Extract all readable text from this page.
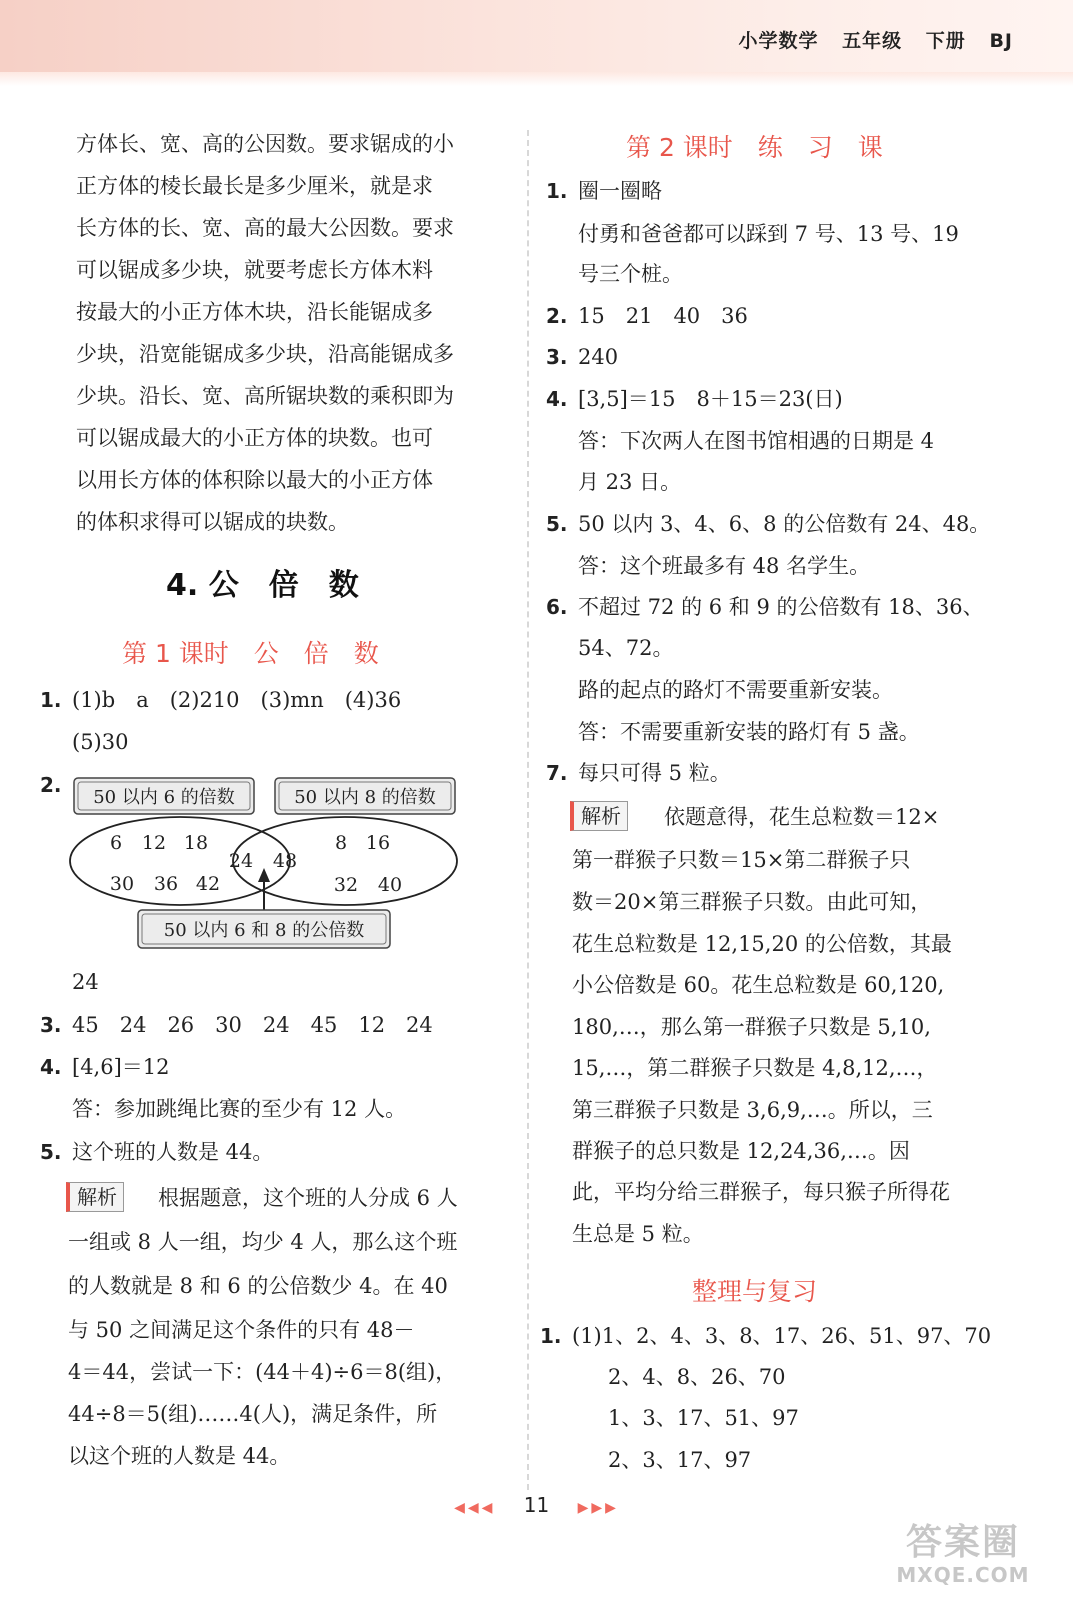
小学数学 五年级 下册 BJ
方体长、宽、高的公因数。要求锯成的小
正方体的棱长最长是多少厘米，就是求
长方体的长、宽、高的最大公因数。要求
可以锯成多少块，就要考虑长方体木料
按最大的小正方体木块，沿长能锯成多
少块，沿宽能锯成多少块，沿高能锯成多
少块。沿长、宽、高所锯块数的乘积即为
可以锯成最大的小正方体的块数。也可
以用长方体的体积除以最大的小正方体
的体积求得可以锯成的块数。
4. 公　倍　数
第 1 课时　公　倍　数
1. (1)b　a　(2)210　(3)mn　(4)36
(5)30
2.
50 以内 6 的倍数	50 以内 8 的倍数
6 12 18
30 36 42
24 48
8 16
32 40
50 以内 6 和 8 的公倍数
24
3. 45　24　26　30　24　45　12　24
4. [4,6]＝12
答：参加跳绳比赛的至少有 12 人。
5. 这个班的人数是 44。
解析	根据题意，这个班的人分成 6 人
一组或 8 人一组，均少 4 人，那么这个班
的人数就是 8 和 6 的公倍数少 4。在 40
与 50 之间满足这个条件的只有 48－
4＝44，尝试一下：(44＋4)÷6＝8(组)，
44÷8＝5(组)……4(人)，满足条件，所
以这个班的人数是 44。
第 2 课时　练　习　课
1. 圈一圈略
付勇和爸爸都可以踩到 7 号、13 号、19
号三个桩。
2. 15　21　40　36
3. 240
4. [3,5]＝15　8＋15＝23(日)
答：下次两人在图书馆相遇的日期是 4
月 23 日。
5. 50 以内 3、4、6、8 的公倍数有 24、48。
答：这个班最多有 48 名学生。
6. 不超过 72 的 6 和 9 的公倍数有 18、36、
54、72。
路的起点的路灯不需要重新安装。
答：不需要重新安装的路灯有 5 盏。
7. 每只可得 5 粒。
解析	依题意得，花生总粒数＝12×
第一群猴子只数＝15×第二群猴子只
数＝20×第三群猴子只数。由此可知，
花生总粒数是 12,15,20 的公倍数，其最
小公倍数是 60。花生总粒数是 60,120,
180,…，那么第一群猴子只数是 5,10,
15,…，第二群猴子只数是 4,8,12,…，
第三群猴子只数是 3,6,9,…。所以，三
群猴子的总只数是 12,24,36,…。因
此，平均分给三群猴子，每只猴子所得花
生总是 5 粒。
整理与复习
1. (1)1、2、4、3、8、17、26、51、97、70
2、4、8、26、70
1、3、17、51、97
2、3、17、97
◀◀◀ 11 ▶▶▶
答案圈
MXQE.COM
